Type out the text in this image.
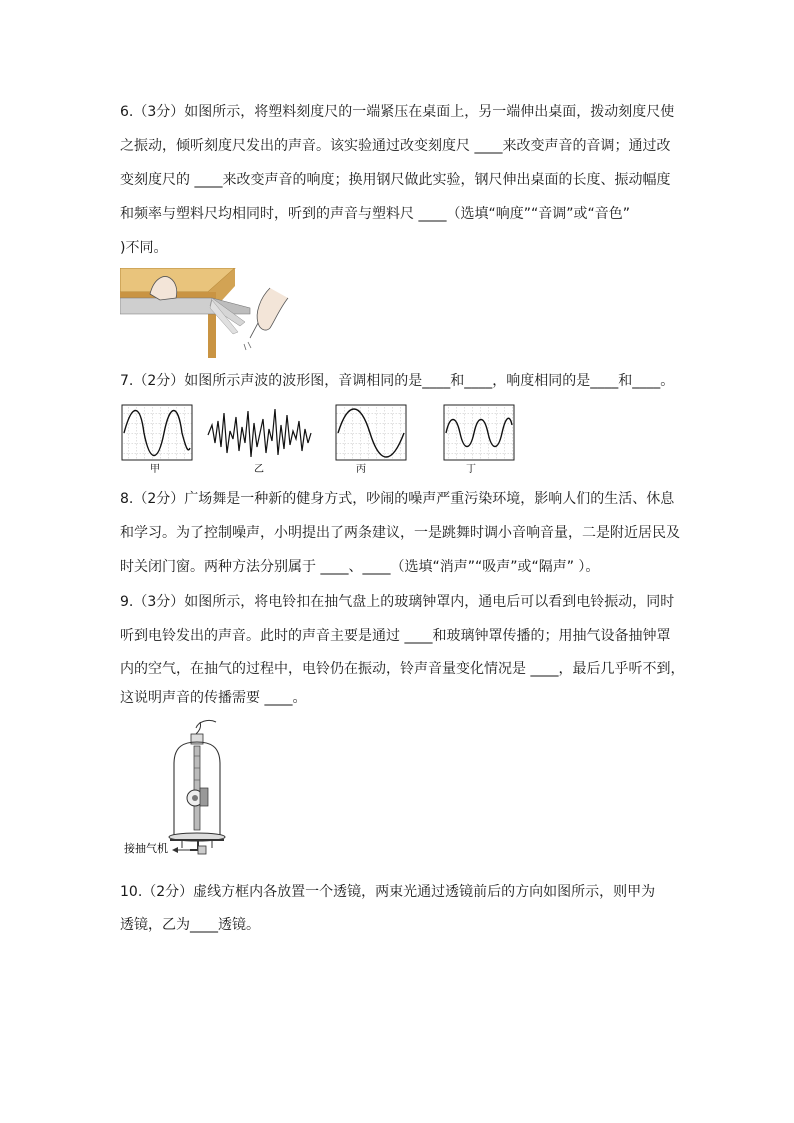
6.（3分）如图所示，将塑料刻度尺的一端紧压在桌面上，另一端伸出桌面，拨动刻度尺使
之振动，倾听刻度尺发出的声音。该实验通过改变刻度尺 ____来改变声音的音调；通过改
变刻度尺的 ____来改变声音的响度；换用钢尺做此实验，钢尺伸出桌面的长度、振动幅度
和频率与塑料尺均相同时，听到的声音与塑料尺 ____（选填“响度”“音调”或“音色”
)不同。
7.（2分）如图所示声波的波形图，音调相同的是____和____，响度相同的是____和____。
甲	乙	丙	丁
8.（2分）广场舞是一种新的健身方式，吵闹的噪声严重污染环境，影响人们的生活、休息
和学习。为了控制噪声，小明提出了两条建议，一是跳舞时调小音响音量，二是附近居民及
时关闭门窗。两种方法分别属于 ____、____（选填“消声”“吸声”或“隔声” ）。
9.（3分）如图所示，将电铃扣在抽气盘上的玻璃钟罩内，通电后可以看到电铃振动，同时
听到电铃发出的声音。此时的声音主要是通过 ____和玻璃钟罩传播的；用抽气设备抽钟罩
内的空气，在抽气的过程中，电铃仍在振动，铃声音量变化情况是 ____，最后几乎听不到，
这说明声音的传播需要 ____。
接抽气机
10.（2分）虚线方框内各放置一个透镜，两束光通过透镜前后的方向如图所示，则甲为
透镜，乙为____透镜。
